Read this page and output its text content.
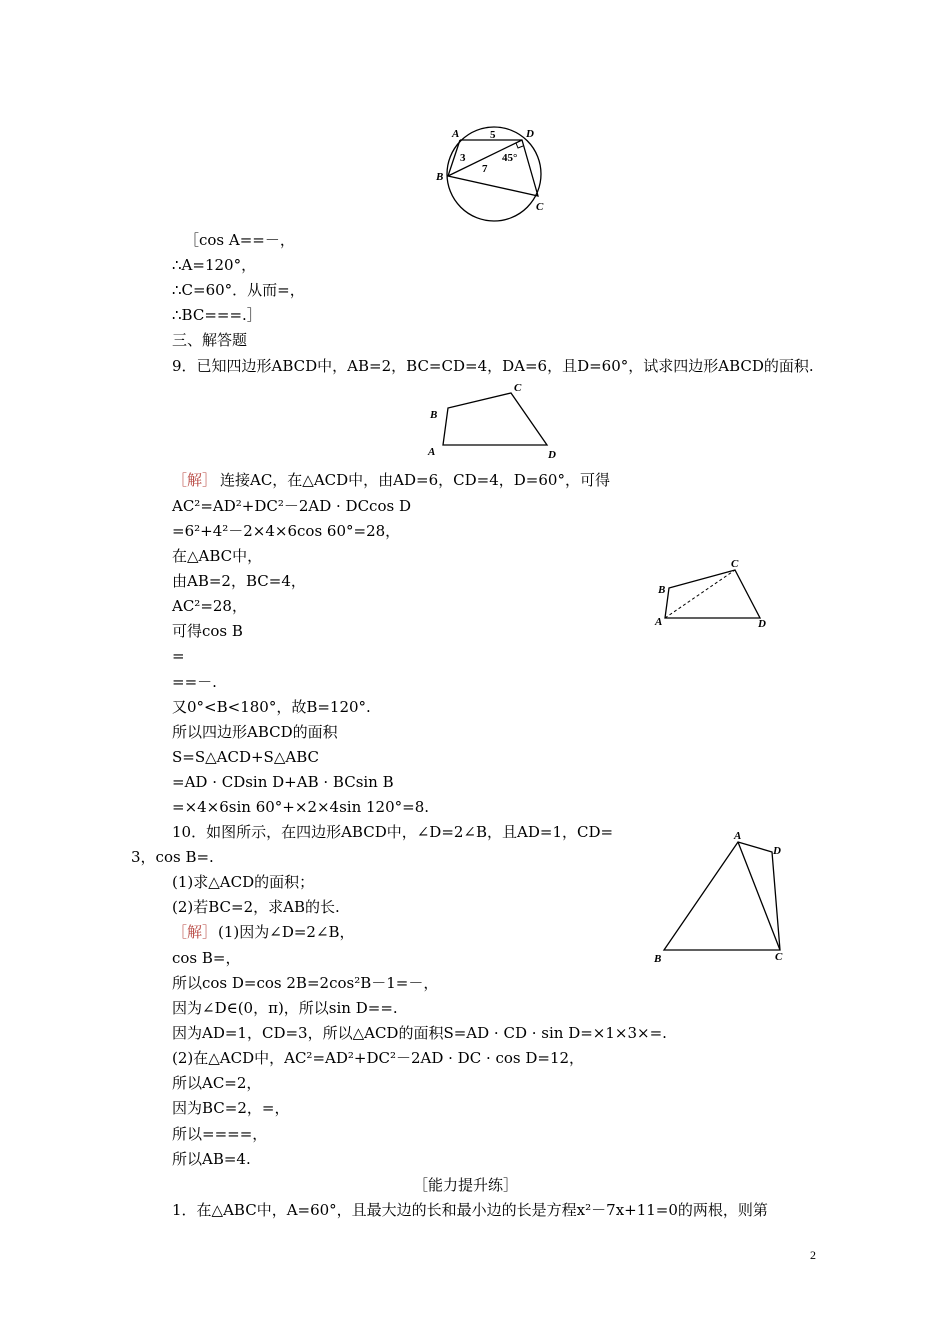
A	D
B
C
5
3
7
45°
［cos A==－，
∴A=120°，
∴C=60°．从而=，
∴BC===.］
三、解答题
9．已知四边形ABCD中，AB=2，BC=CD=4，DA=6，且D=60°，试求四边形ABCD的面积.
A
B
C
D
［解］ 连接AC，在△ACD中，由AD=6，CD=4，D=60°，可得
AC²=AD²+DC²－2AD · DCcos D
=6²+4²－2×4×6cos 60°=28，
在△ABC中，
由AB=2，BC=4，
AC²=28，
可得cos B
=
==－.
又0°<B<180°，故B=120°.
所以四边形ABCD的面积
S=S△ACD+S△ABC
=AD · CDsin D+AB · BCsin B
=×4×6sin 60°+×2×4sin 120°=8.
A
B
C
D
10．如图所示，在四边形ABCD中，∠D=2∠B，且AD=1，CD=
3，cos B=.
(1)求△ACD的面积；
(2)若BC=2，求AB的长.
［解］ (1)因为∠D=2∠B，
cos B=，
所以cos D=cos 2B=2cos²B－1=－，
因为∠D∈(0，π)，所以sin D==.
因为AD=1，CD=3，所以△ACD的面积S=AD · CD · sin D=×1×3×=.
(2)在△ACD中，AC²=AD²+DC²－2AD · DC · cos D=12，
所以AC=2，
因为BC=2，=，
所以====，
所以AB=4.
A
B	C
D
［能力提升练］
1．在△ABC中，A=60°，且最大边的长和最小边的长是方程x²－7x+11=0的两根，则第
2
